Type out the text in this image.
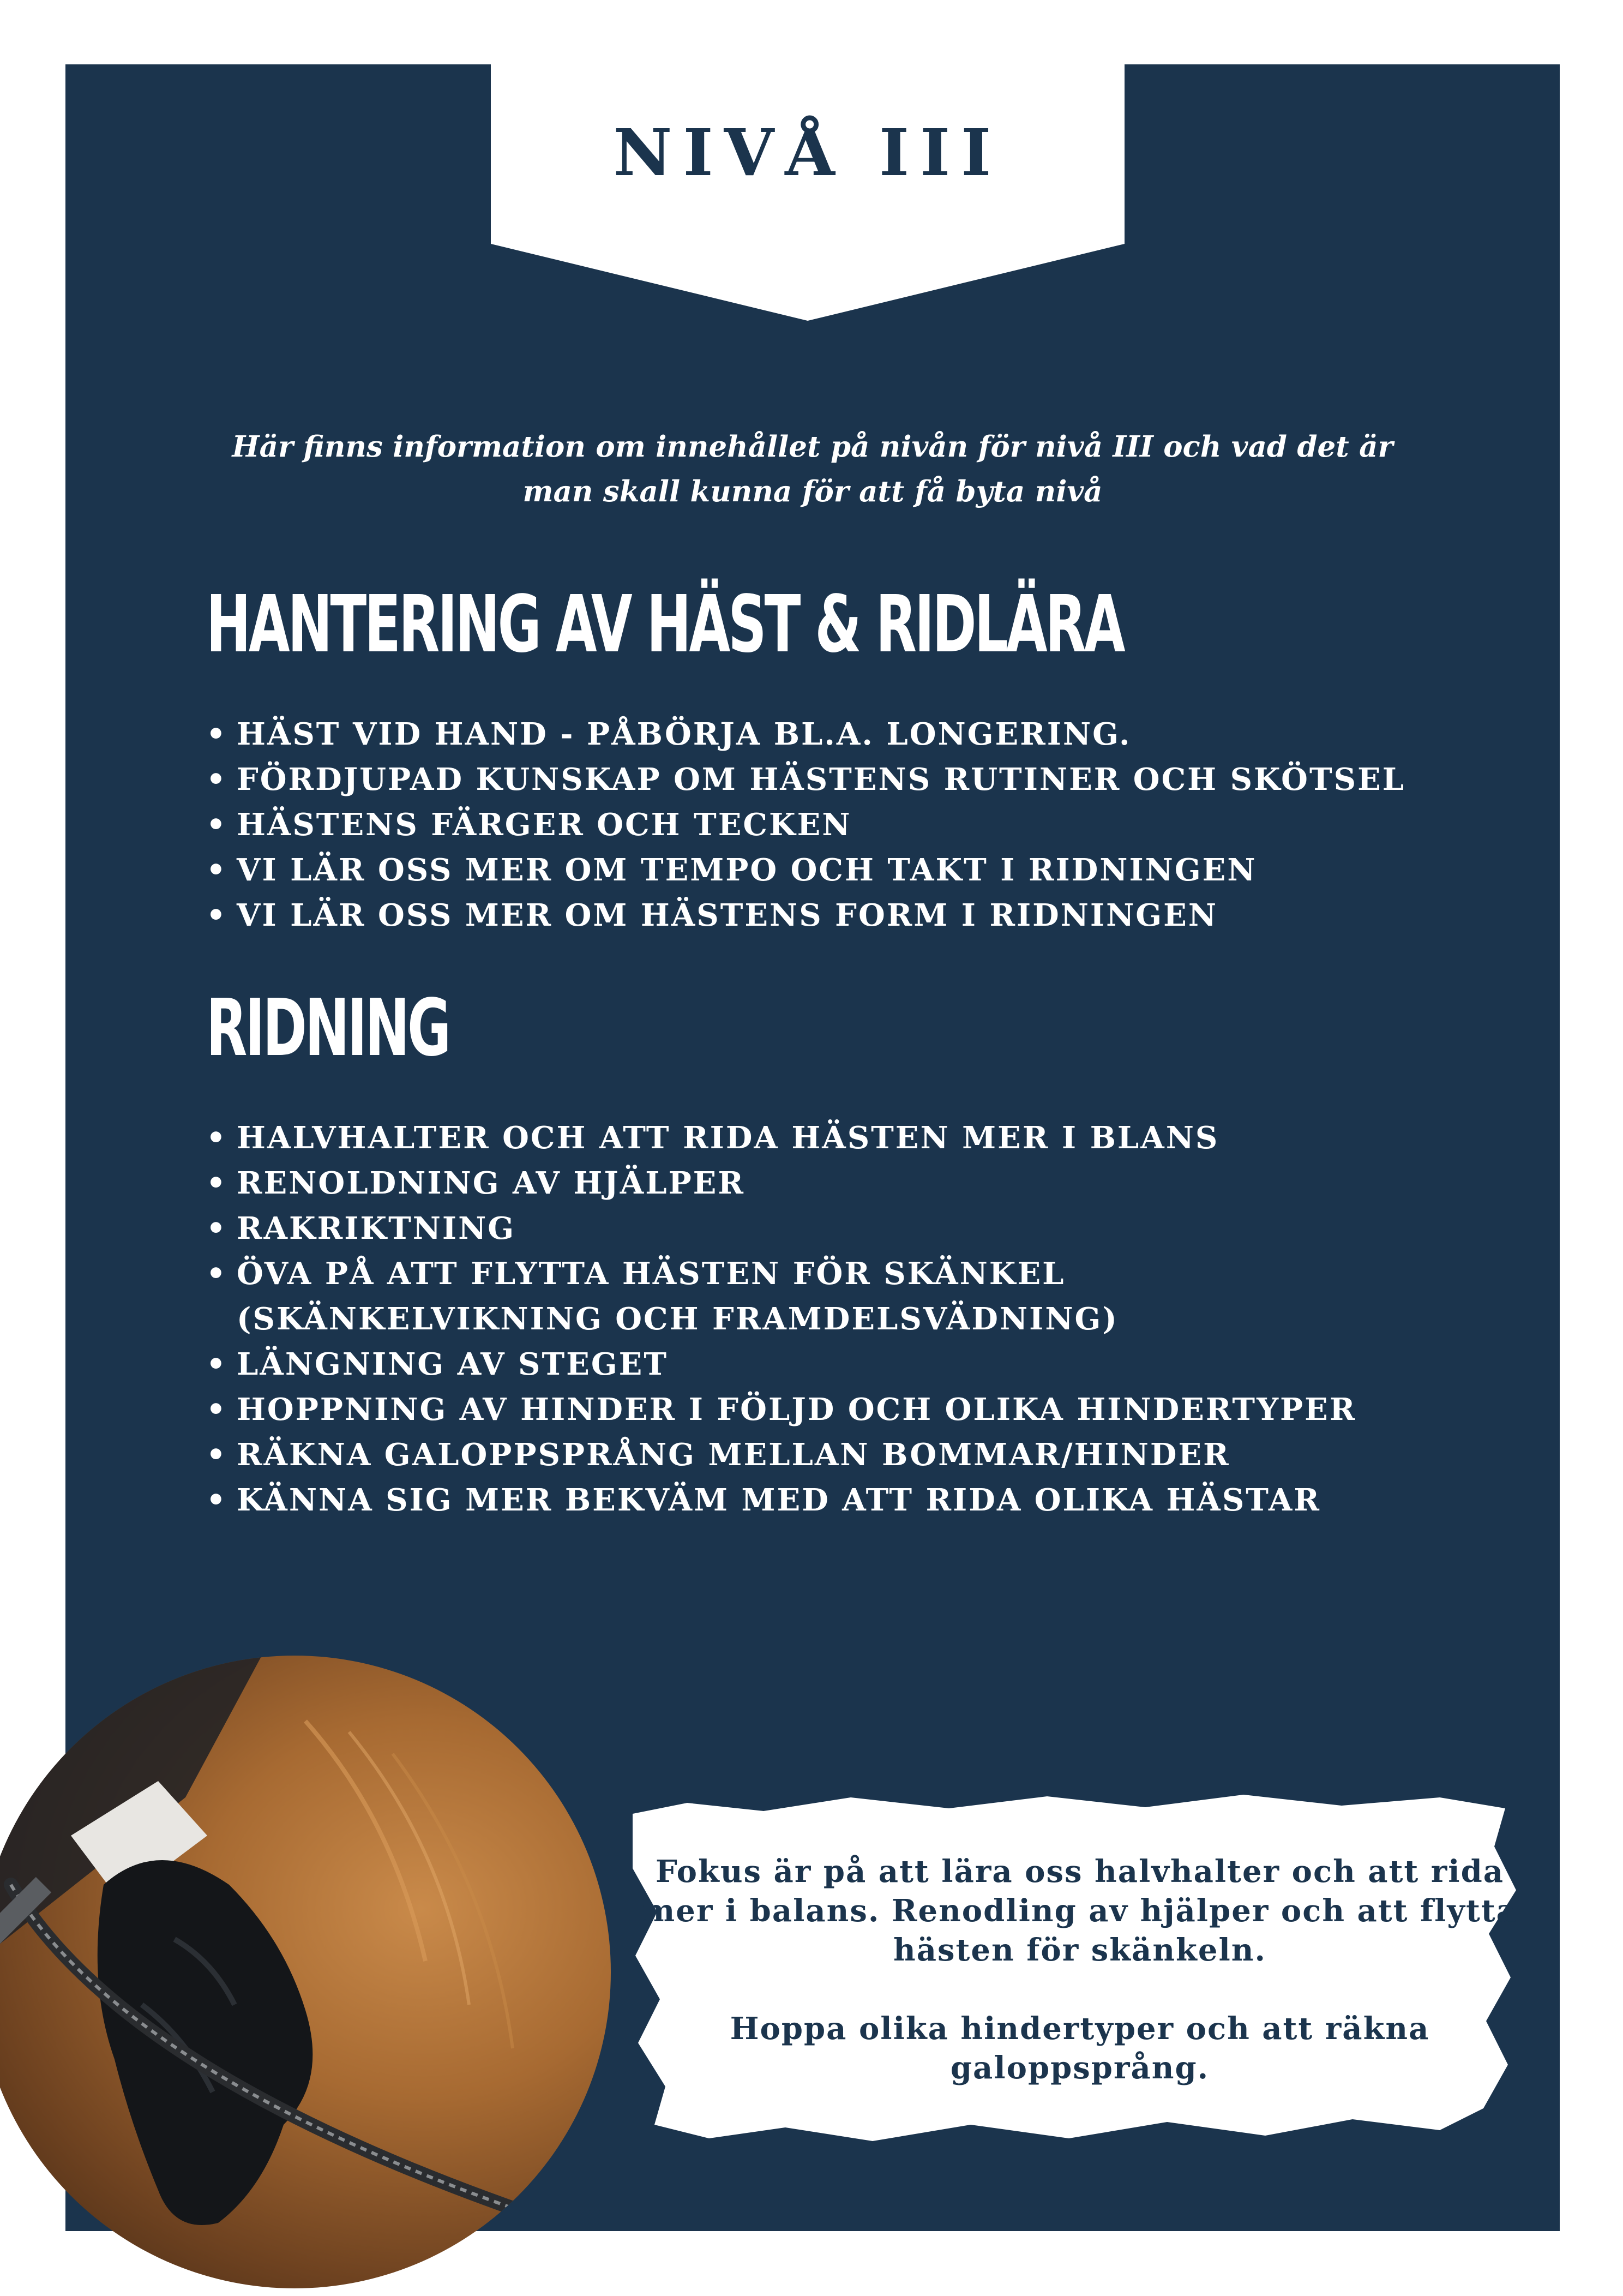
NIVÅ III
Här finns information om innehållet på nivån för nivå III och vad det är man skall kunna för att få byta nivå
HANTERING AV HÄST & RIDLÄRA
• HÄST VID HAND - PÅBÖRJA BL.A. LONGERING.
• FÖRDJUPAD KUNSKAP OM HÄSTENS RUTINER OCH SKÖTSEL
• HÄSTENS FÄRGER OCH TECKEN
• VI LÄR OSS MER OM TEMPO OCH TAKT I RIDNINGEN
• VI LÄR OSS MER OM HÄSTENS FORM I RIDNINGEN
RIDNING
• HALVHALTER OCH ATT RIDA HÄSTEN MER I BLANS
• RENOLDNING AV HJÄLPER
• RAKRIKTNING
• ÖVA PÅ ATT FLYTTA HÄSTEN FÖR SKÄNKEL (SKÄNKELVIKNING OCH FRAMDELSVÄDNING)
• LÄNGNING AV STEGET
• HOPPNING AV HINDER I FÖLJD OCH OLIKA HINDERTYPER
• RÄKNA GALOPPSPRÅNG MELLAN BOMMAR/HINDER
• KÄNNA SIG MER BEKVÄM MED ATT RIDA OLIKA HÄSTAR

Fokus är på att lära oss halvhalter och att rida mer i balans. Renodling av hjälper och att flytta hästen för skänkeln.

Hoppa olika hindertyper och att räkna galoppsprång.
